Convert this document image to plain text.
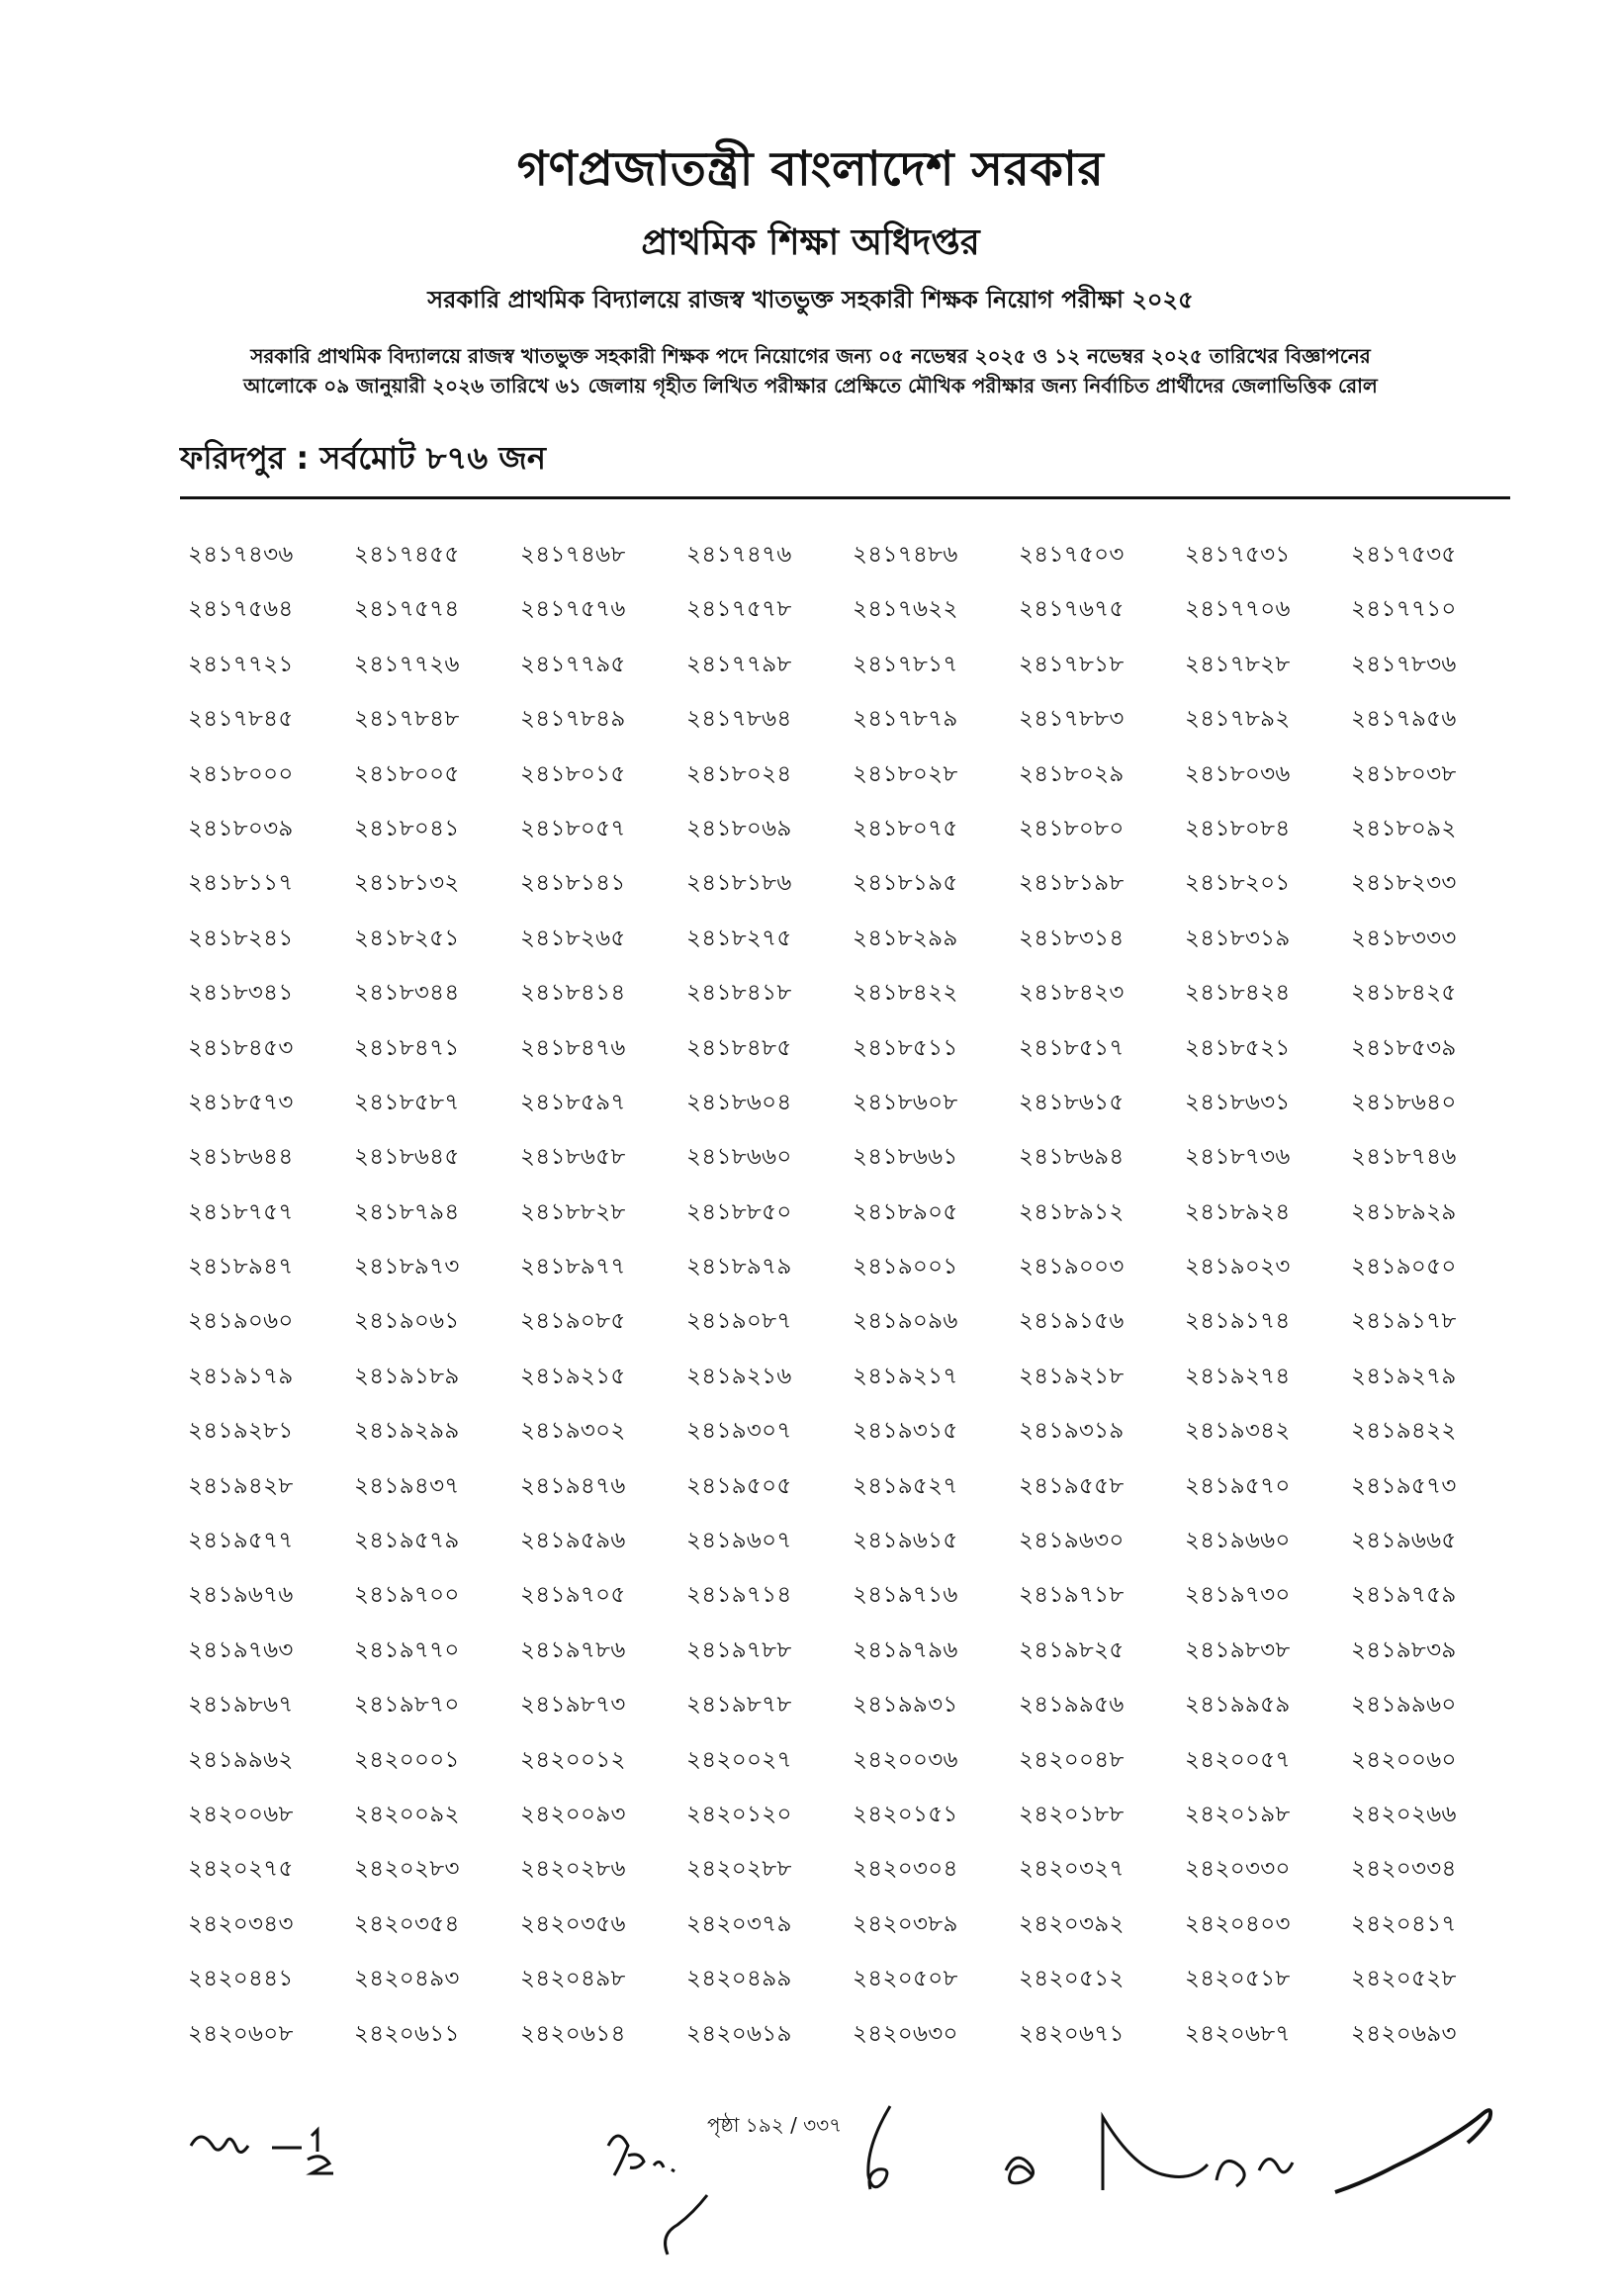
গণপ্রজাতন্ত্রী বাংলাদেশ সরকার
প্রাথমিক শিক্ষা অধিদপ্তর
সরকারি প্রাথমিক বিদ্যালয়ে রাজস্ব খাতভুক্ত সহকারী শিক্ষক নিয়োগ পরীক্ষা ২০২৫
সরকারি প্রাথমিক বিদ্যালয়ে রাজস্ব খাতভুক্ত সহকারী শিক্ষক পদে নিয়োগের জন্য ০৫ নভেম্বর ২০২৫ ও ১২ নভেম্বর ২০২৫ তারিখের বিজ্ঞাপনের
আলোকে ০৯ জানুয়ারী ২০২৬ তারিখে ৬১ জেলায় গৃহীত লিখিত পরীক্ষার প্রেক্ষিতে মৌখিক পরীক্ষার জন্য নির্বাচিত প্রার্থীদের জেলাভিত্তিক রোল
ফরিদপুর : সর্বমোট ৮৭৬ জন
২৪১৭৪৩৬	২৪১৭৪৫৫	২৪১৭৪৬৮	২৪১৭৪৭৬	২৪১৭৪৮৬	২৪১৭৫০৩	২৪১৭৫৩১	২৪১৭৫৩৫
২৪১৭৫৬৪	২৪১৭৫৭৪	২৪১৭৫৭৬	২৪১৭৫৭৮	২৪১৭৬২২	২৪১৭৬৭৫	২৪১৭৭০৬	২৪১৭৭১০
২৪১৭৭২১	২৪১৭৭২৬	২৪১৭৭৯৫	২৪১৭৭৯৮	২৪১৭৮১৭	২৪১৭৮১৮	২৪১৭৮২৮	২৪১৭৮৩৬
২৪১৭৮৪৫	২৪১৭৮৪৮	২৪১৭৮৪৯	২৪১৭৮৬৪	২৪১৭৮৭৯	২৪১৭৮৮৩	২৪১৭৮৯২	২৪১৭৯৫৬
২৪১৮০০০	২৪১৮০০৫	২৪১৮০১৫	২৪১৮০২৪	২৪১৮০২৮	২৪১৮০২৯	২৪১৮০৩৬	২৪১৮০৩৮
২৪১৮০৩৯	২৪১৮০৪১	২৪১৮০৫৭	২৪১৮০৬৯	২৪১৮০৭৫	২৪১৮০৮০	২৪১৮০৮৪	২৪১৮০৯২
২৪১৮১১৭	২৪১৮১৩২	২৪১৮১৪১	২৪১৮১৮৬	২৪১৮১৯৫	২৪১৮১৯৮	২৪১৮২০১	২৪১৮২৩৩
২৪১৮২৪১	২৪১৮২৫১	২৪১৮২৬৫	২৪১৮২৭৫	২৪১৮২৯৯	২৪১৮৩১৪	২৪১৮৩১৯	২৪১৮৩৩৩
২৪১৮৩৪১	২৪১৮৩৪৪	২৪১৮৪১৪	২৪১৮৪১৮	২৪১৮৪২২	২৪১৮৪২৩	২৪১৮৪২৪	২৪১৮৪২৫
২৪১৮৪৫৩	২৪১৮৪৭১	২৪১৮৪৭৬	২৪১৮৪৮৫	২৪১৮৫১১	২৪১৮৫১৭	২৪১৮৫২১	২৪১৮৫৩৯
২৪১৮৫৭৩	২৪১৮৫৮৭	২৪১৮৫৯৭	২৪১৮৬০৪	২৪১৮৬০৮	২৪১৮৬১৫	২৪১৮৬৩১	২৪১৮৬৪০
২৪১৮৬৪৪	২৪১৮৬৪৫	২৪১৮৬৫৮	২৪১৮৬৬০	২৪১৮৬৬১	২৪১৮৬৯৪	২৪১৮৭৩৬	২৪১৮৭৪৬
২৪১৮৭৫৭	২৪১৮৭৯৪	২৪১৮৮২৮	২৪১৮৮৫০	২৪১৮৯০৫	২৪১৮৯১২	২৪১৮৯২৪	২৪১৮৯২৯
২৪১৮৯৪৭	২৪১৮৯৭৩	২৪১৮৯৭৭	২৪১৮৯৭৯	২৪১৯০০১	২৪১৯০০৩	২৪১৯০২৩	২৪১৯০৫০
২৪১৯০৬০	২৪১৯০৬১	২৪১৯০৮৫	২৪১৯০৮৭	২৪১৯০৯৬	২৪১৯১৫৬	২৪১৯১৭৪	২৪১৯১৭৮
২৪১৯১৭৯	২৪১৯১৮৯	২৪১৯২১৫	২৪১৯২১৬	২৪১৯২১৭	২৪১৯২১৮	২৪১৯২৭৪	২৪১৯২৭৯
২৪১৯২৮১	২৪১৯২৯৯	২৪১৯৩০২	২৪১৯৩০৭	২৪১৯৩১৫	২৪১৯৩১৯	২৪১৯৩৪২	২৪১৯৪২২
২৪১৯৪২৮	২৪১৯৪৩৭	২৪১৯৪৭৬	২৪১৯৫০৫	২৪১৯৫২৭	২৪১৯৫৫৮	২৪১৯৫৭০	২৪১৯৫৭৩
২৪১৯৫৭৭	২৪১৯৫৭৯	২৪১৯৫৯৬	২৪১৯৬০৭	২৪১৯৬১৫	২৪১৯৬৩০	২৪১৯৬৬০	২৪১৯৬৬৫
২৪১৯৬৭৬	২৪১৯৭০০	২৪১৯৭০৫	২৪১৯৭১৪	২৪১৯৭১৬	২৪১৯৭১৮	২৪১৯৭৩০	২৪১৯৭৫৯
২৪১৯৭৬৩	২৪১৯৭৭০	২৪১৯৭৮৬	২৪১৯৭৮৮	২৪১৯৭৯৬	২৪১৯৮২৫	২৪১৯৮৩৮	২৪১৯৮৩৯
২৪১৯৮৬৭	২৪১৯৮৭০	২৪১৯৮৭৩	২৪১৯৮৭৮	২৪১৯৯৩১	২৪১৯৯৫৬	২৪১৯৯৫৯	২৪১৯৯৬০
২৪১৯৯৬২	২৪২০০০১	২৪২০০১২	২৪২০০২৭	২৪২০০৩৬	২৪২০০৪৮	২৪২০০৫৭	২৪২০০৬০
২৪২০০৬৮	২৪২০০৯২	২৪২০০৯৩	২৪২০১২০	২৪২০১৫১	২৪২০১৮৮	২৪২০১৯৮	২৪২০২৬৬
২৪২০২৭৫	২৪২০২৮৩	২৪২০২৮৬	২৪২০২৮৮	২৪২০৩০৪	২৪২০৩২৭	২৪২০৩৩০	২৪২০৩৩৪
২৪২০৩৪৩	২৪২০৩৫৪	২৪২০৩৫৬	২৪২০৩৭৯	২৪২০৩৮৯	২৪২০৩৯২	২৪২০৪০৩	২৪২০৪১৭
২৪২০৪৪১	২৪২০৪৯৩	২৪২০৪৯৮	২৪২০৪৯৯	২৪২০৫০৮	২৪২০৫১২	২৪২০৫১৮	২৪২০৫২৮
২৪২০৬০৮	২৪২০৬১১	২৪২০৬১৪	২৪২০৬১৯	২৪২০৬৩০	২৪২০৬৭১	২৪২০৬৮৭	২৪২০৬৯৩
পৃষ্ঠা ১৯২ / ৩৩৭
